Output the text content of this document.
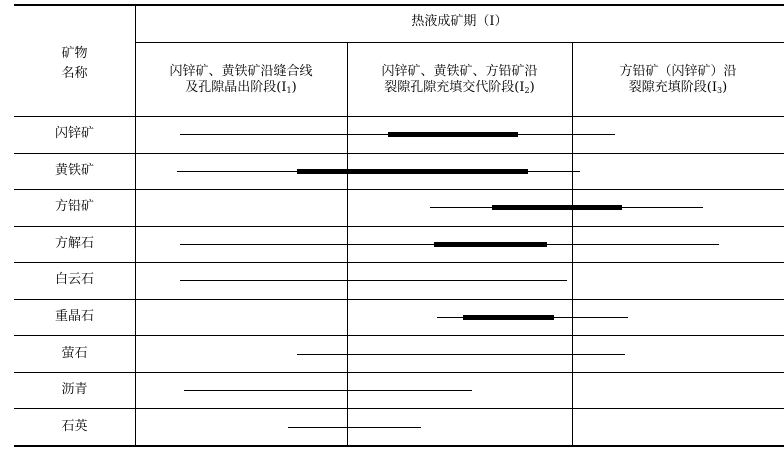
矿物
名称
热液成矿期（Ⅰ）
闪锌矿、黄铁矿沿缝合线
及孔隙晶出阶段$(Ⅰ_1)$
闪锌矿、黄铁矿、方铅矿沿
裂隙孔隙充填交代阶段$(Ⅰ_2)$
方铅矿（闪锌矿）沿
裂隙充填阶段$(Ⅰ_3)$
闪锌矿
黄铁矿
方铅矿
方解石
白云石
重晶石
萤石
沥青
石英
